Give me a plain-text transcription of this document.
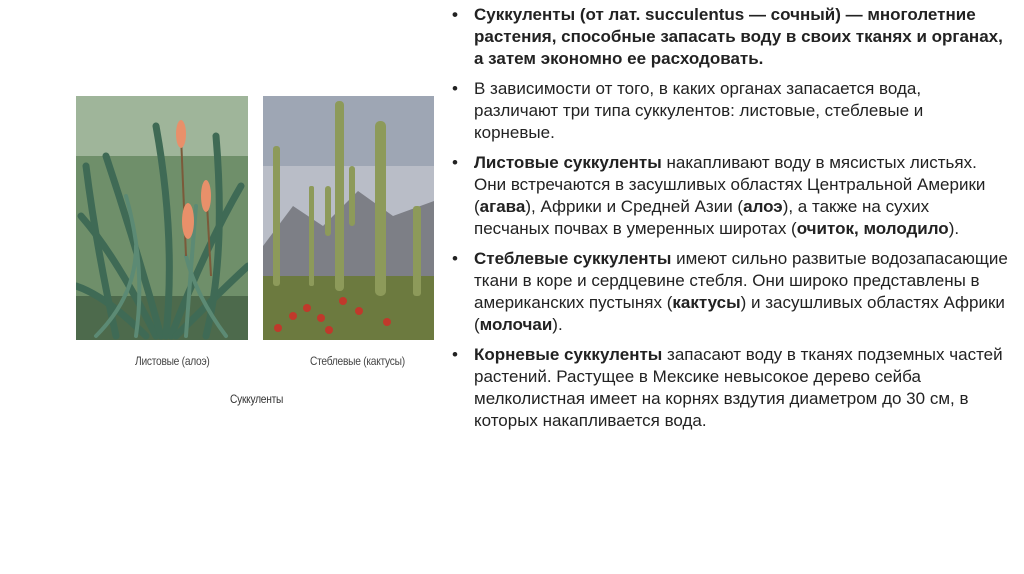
Листовые (алоэ)	Стеблевые (кактусы)
Суккуленты
• Суккуленты (от лат. succulentus — сочный) — многолетние растения, способные запасать воду в своих тканях и органах, а затем экономно ее расходовать.
• В зависимости от того, в каких органах запасается вода, различают три типа суккулентов: листовые, стеблевые и корневые.
• Листовые суккуленты накапливают воду в мясистых листьях. Они встречаются в засушливых областях Центральной Америки (агава), Африки и Средней Азии (алоэ), а также на сухих песчаных почвах в умеренных широтах (очиток, молодило).
• Стеблевые суккуленты имеют сильно развитые водозапасающие ткани в коре и сердцевине стебля. Они широко представлены в американских пустынях (кактусы) и засушливых областях Африки (молочаи).
• Корневые суккуленты запасают воду в тканях подземных частей растений. Растущее в Мексике невысокое дерево сейба мелколистная имеет на корнях вздутия диаметром до 30 см, в которых накапливается вода.
